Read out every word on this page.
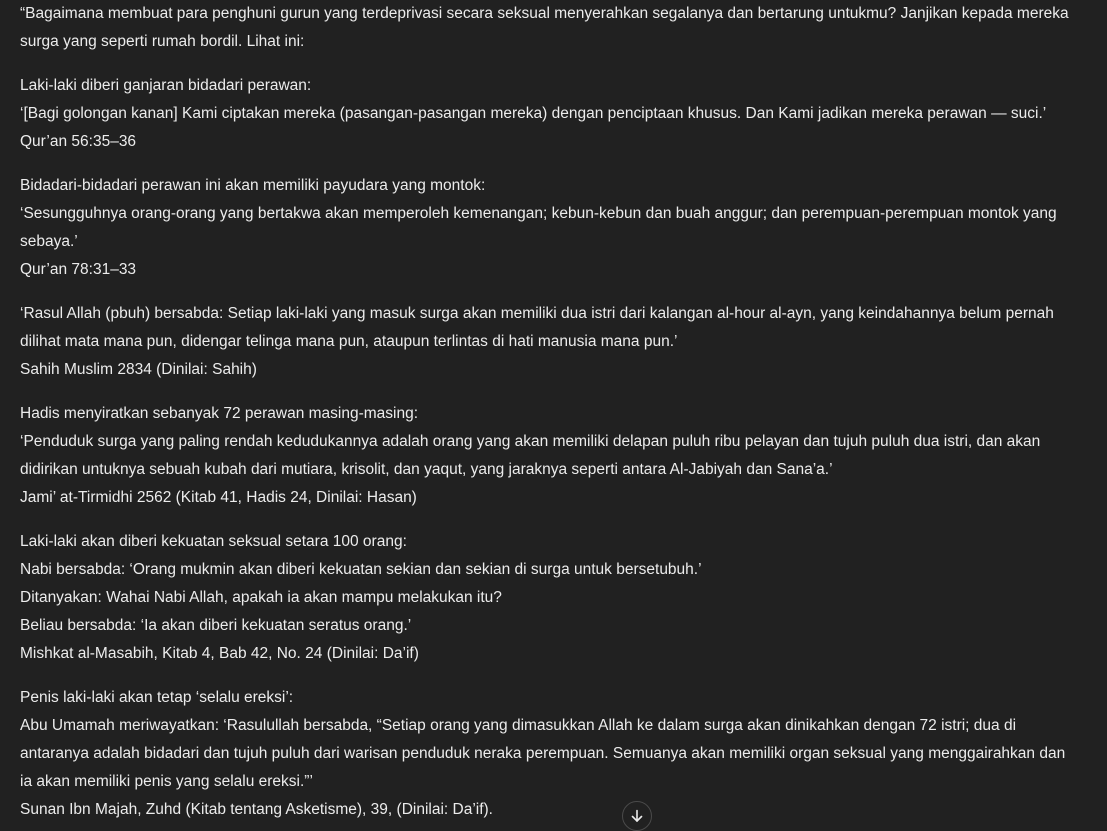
“Bagaimana membuat para penghuni gurun yang terdeprivasi secara seksual menyerahkan segalanya dan bertarung untukmu? Janjikan kepada mereka
surga yang seperti rumah bordil. Lihat ini:
Laki-laki diberi ganjaran bidadari perawan:
‘[Bagi golongan kanan] Kami ciptakan mereka (pasangan-pasangan mereka) dengan penciptaan khusus. Dan Kami jadikan mereka perawan — suci.’
Qur’an 56:35–36
Bidadari-bidadari perawan ini akan memiliki payudara yang montok:
‘Sesungguhnya orang-orang yang bertakwa akan memperoleh kemenangan; kebun-kebun dan buah anggur; dan perempuan-perempuan montok yang
sebaya.’
Qur’an 78:31–33
‘Rasul Allah (pbuh) bersabda: Setiap laki-laki yang masuk surga akan memiliki dua istri dari kalangan al-hour al-ayn, yang keindahannya belum pernah
dilihat mata mana pun, didengar telinga mana pun, ataupun terlintas di hati manusia mana pun.’
Sahih Muslim 2834 (Dinilai: Sahih)
Hadis menyiratkan sebanyak 72 perawan masing-masing:
‘Penduduk surga yang paling rendah kedudukannya adalah orang yang akan memiliki delapan puluh ribu pelayan dan tujuh puluh dua istri, dan akan
didirikan untuknya sebuah kubah dari mutiara, krisolit, dan yaqut, yang jaraknya seperti antara Al-Jabiyah dan Sana’a.’
Jami’ at-Tirmidhi 2562 (Kitab 41, Hadis 24, Dinilai: Hasan)
Laki-laki akan diberi kekuatan seksual setara 100 orang:
Nabi bersabda: ‘Orang mukmin akan diberi kekuatan sekian dan sekian di surga untuk bersetubuh.’
Ditanyakan: Wahai Nabi Allah, apakah ia akan mampu melakukan itu?
Beliau bersabda: ‘Ia akan diberi kekuatan seratus orang.’
Mishkat al-Masabih, Kitab 4, Bab 42, No. 24 (Dinilai: Da’if)
Penis laki-laki akan tetap ‘selalu ereksi’:
Abu Umamah meriwayatkan: ‘Rasulullah bersabda, “Setiap orang yang dimasukkan Allah ke dalam surga akan dinikahkan dengan 72 istri; dua di
antaranya adalah bidadari dan tujuh puluh dari warisan penduduk neraka perempuan. Semuanya akan memiliki organ seksual yang menggairahkan dan
ia akan memiliki penis yang selalu ereksi.”’
Sunan Ibn Majah, Zuhd (Kitab tentang Asketisme), 39, (Dinilai: Da’if).
